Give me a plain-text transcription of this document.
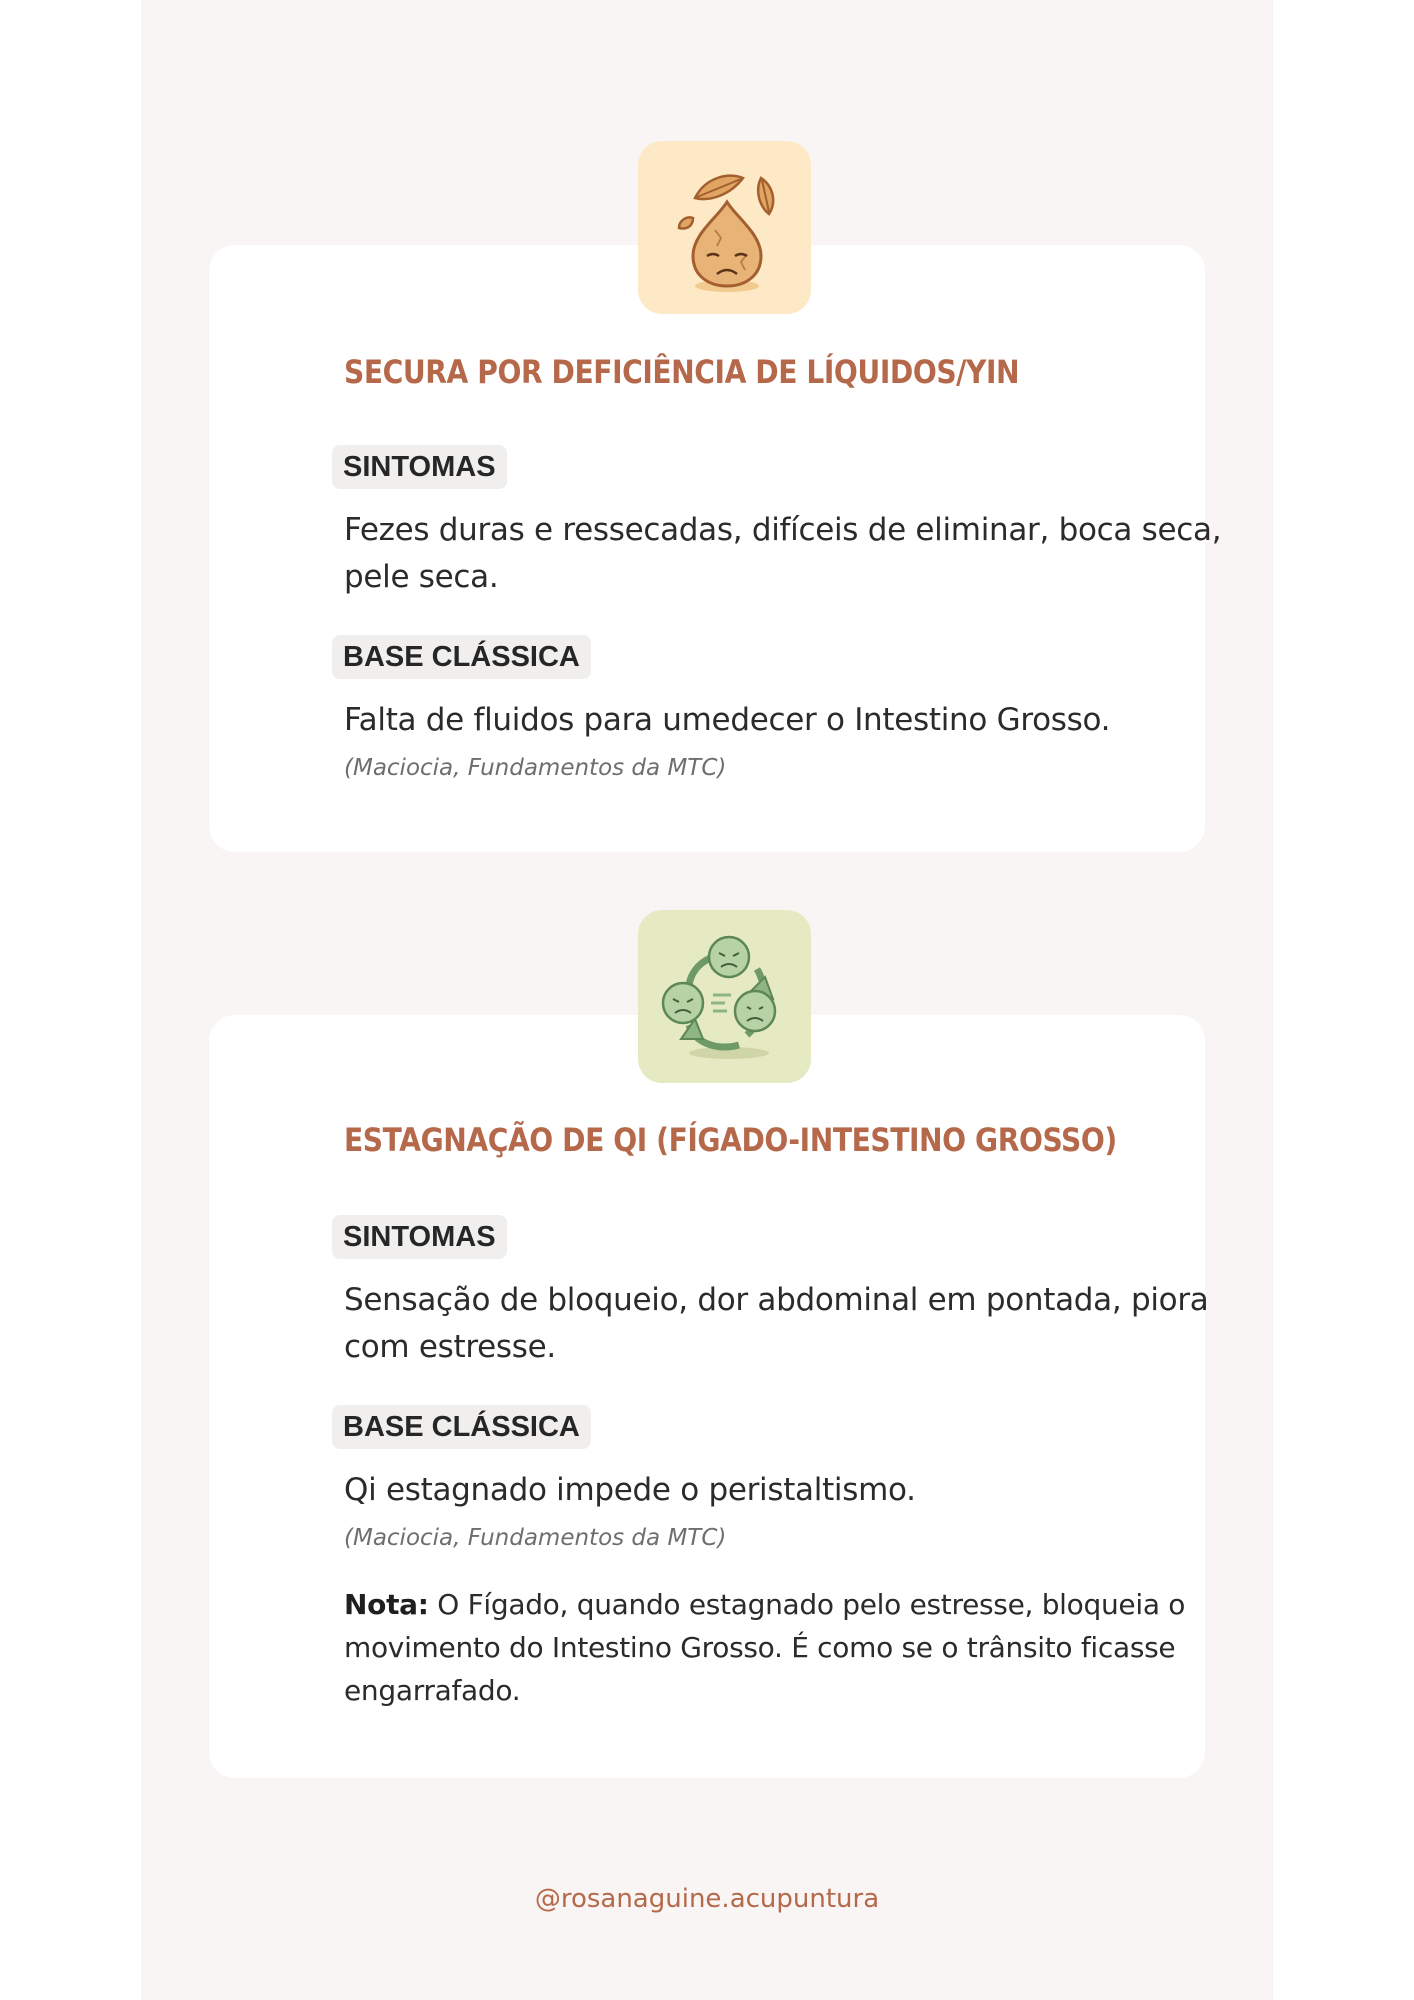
SECURA POR DEFICIÊNCIA DE LÍQUIDOS/YIN
SINTOMAS
Fezes duras e ressecadas, difíceis de eliminar, boca seca, pele seca.
BASE CLÁSSICA
Falta de fluidos para umedecer o Intestino Grosso.
(Maciocia, Fundamentos da MTC)
ESTAGNAÇÃO DE QI (FÍGADO-INTESTINO GROSSO)
SINTOMAS
Sensação de bloqueio, dor abdominal em pontada, piora com estresse.
BASE CLÁSSICA
Qi estagnado impede o peristaltismo.
(Maciocia, Fundamentos da MTC)
Nota: O Fígado, quando estagnado pelo estresse, bloqueia o movimento do Intestino Grosso. É como se o trânsito ficasse engarrafado.
@rosanaguine.acupuntura
